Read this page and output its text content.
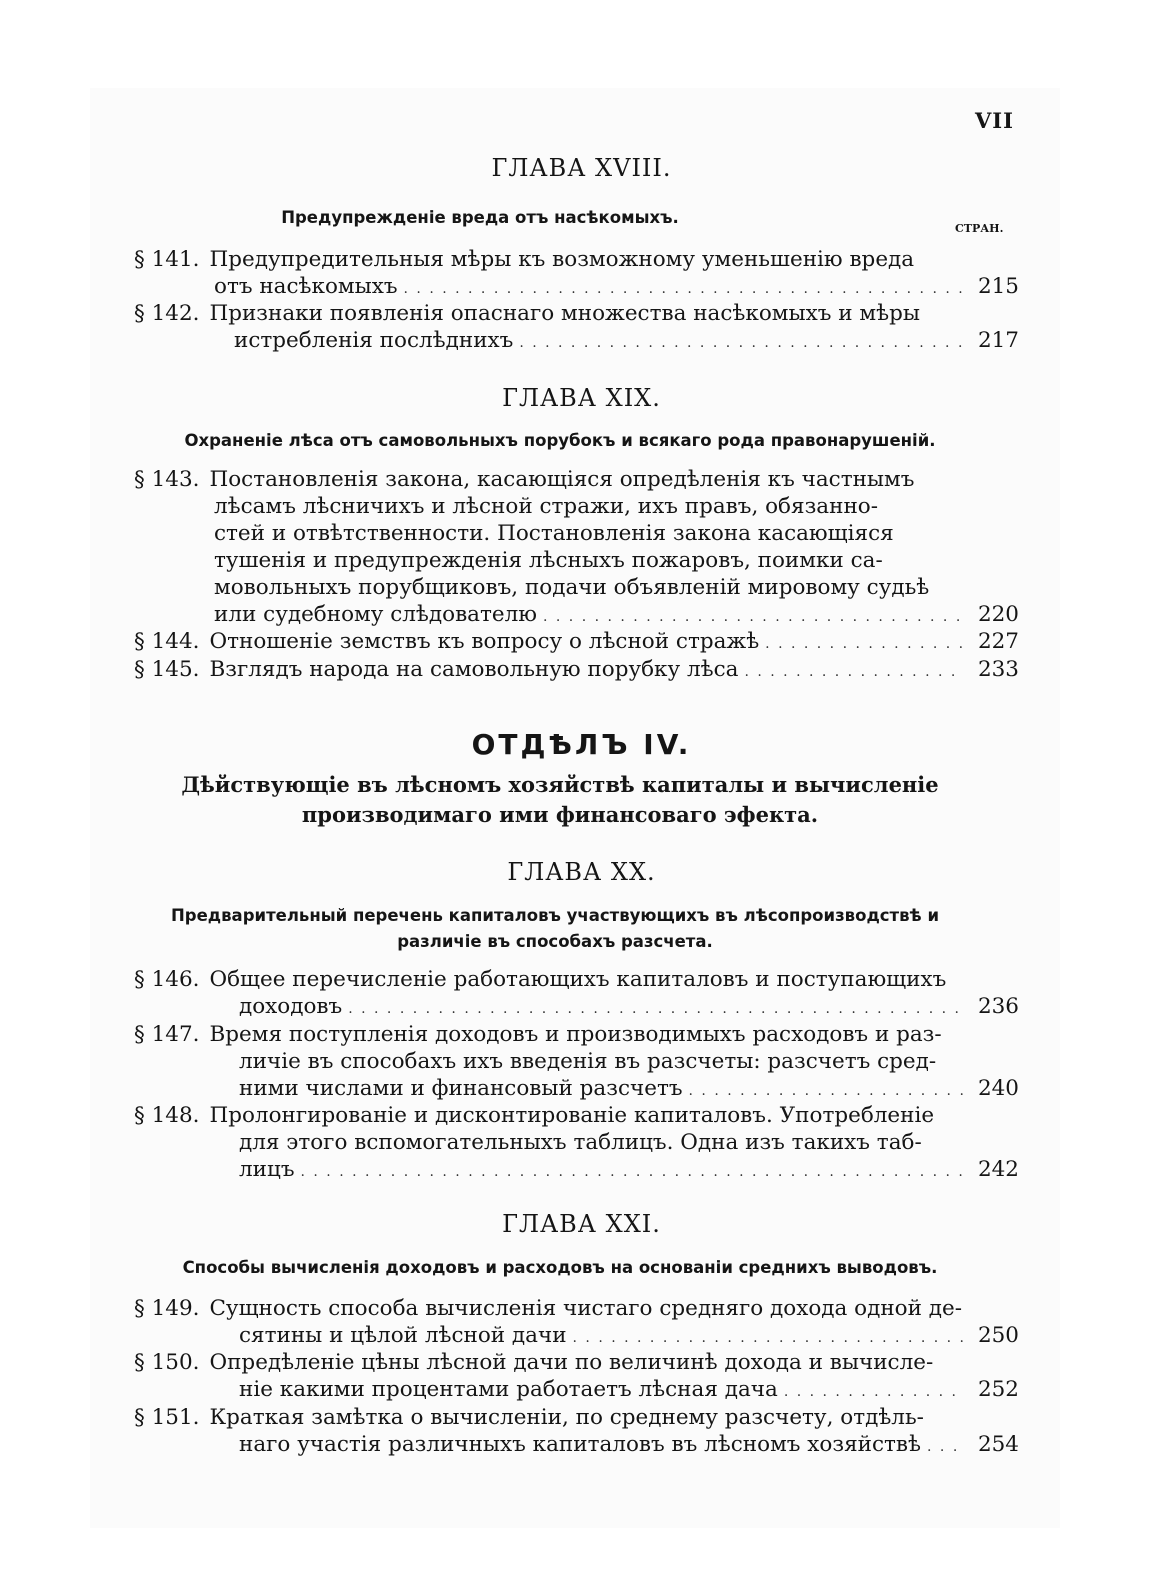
VII
ГЛАВА XVIII.
Предупрежденіе вреда отъ насѣкомыхъ.
СТРАН.
§ 141. Предупредительныя мѣры къ возможному уменьшенію вреда
отъ насѣкомыхъ . . .	215
§ 142. Признаки появленія опаснаго множества насѣкомыхъ и мѣры
истребленія послѣднихъ . . .	217
ГЛАВА XIX.
Охраненіе лѣса отъ самовольныхъ порубокъ и всякаго рода правонарушеній.
§ 143. Постановленія закона, касающіяся опредѣленія къ частнымъ
лѣсамъ лѣсничихъ и лѣсной стражи, ихъ правъ, обязанно-
стей и отвѣтственности. Постановленія закона касающіяся
тушенія и предупрежденія лѣсныхъ пожаровъ, поимки са-
мовольныхъ порубщиковъ, подачи объявленій мировому судьѣ
или судебному слѣдователю . . .	220
§ 144. Отношеніе земствъ къ вопросу о лѣсной стражѣ . . .	227
§ 145. Взглядъ народа на самовольную порубку лѣса . . .	233
ОТДѢЛЪ IV.
Дѣйствующіе въ лѣсномъ хозяйствѣ капиталы и вычисленіе
производимаго ими финансоваго эфекта.
ГЛАВА XX.
Предварительный перечень капиталовъ участвующихъ въ лѣсопроизводствѣ и
различіе въ способахъ разсчета.
§ 146. Общее перечисленіе работающихъ капиталовъ и поступающихъ
доходовъ . . .	236
§ 147. Время поступленія доходовъ и производимыхъ расходовъ и раз-
личіе въ способахъ ихъ введенія въ разсчеты: разсчетъ сред-
ними числами и финансовый разсчетъ . . .	240
§ 148. Пролонгированіе и дисконтированіе капиталовъ. Употребленіе
для этого вспомогательныхъ таблицъ. Одна изъ такихъ таб-
лицъ . . .	242
ГЛАВА XXI.
Способы вычисленія доходовъ и расходовъ на основаніи среднихъ выводовъ.
§ 149. Сущность способа вычисленія чистаго средняго дохода одной де-
сятины и цѣлой лѣсной дачи . . .	250
§ 150. Опредѣленіе цѣны лѣсной дачи по величинѣ дохода и вычисле-
ніе какими процентами работаетъ лѣсная дача . . .	252
§ 151. Краткая замѣтка о вычисленіи, по среднему разсчету, отдѣль-
наго участія различныхъ капиталовъ въ лѣсномъ хозяйствѣ . . .	254
